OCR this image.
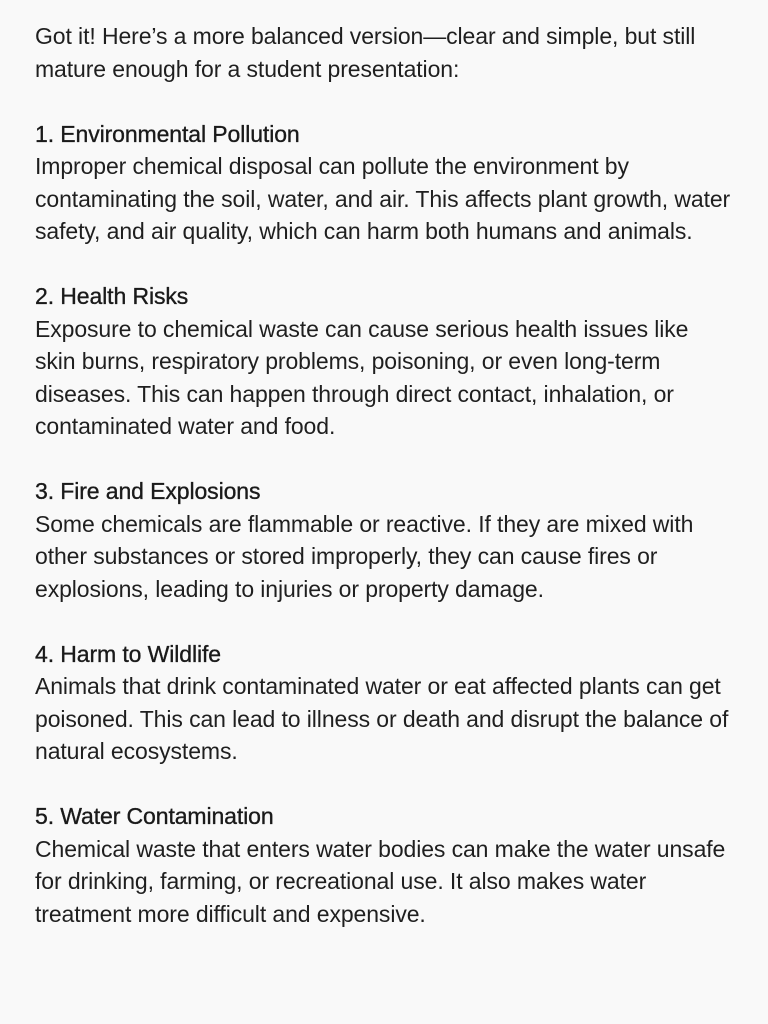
Got it! Here’s a more balanced version—clear and simple, but still mature enough for a student presentation:

1. Environmental Pollution

Improper chemical disposal can pollute the environment by contaminating the soil, water, and air. This affects plant growth, water safety, and air quality, which can harm both humans and animals.

2. Health Risks

Exposure to chemical waste can cause serious health issues like skin burns, respiratory problems, poisoning, or even long-term diseases. This can happen through direct contact, inhalation, or contaminated water and food.

3. Fire and Explosions

Some chemicals are flammable or reactive. If they are mixed with other substances or stored improperly, they can cause fires or explosions, leading to injuries or property damage.

4. Harm to Wildlife

Animals that drink contaminated water or eat affected plants can get poisoned. This can lead to illness or death and disrupt the balance of natural ecosystems.

5. Water Contamination

Chemical waste that enters water bodies can make the water unsafe for drinking, farming, or recreational use. It also makes water treatment more difficult and expensive.
